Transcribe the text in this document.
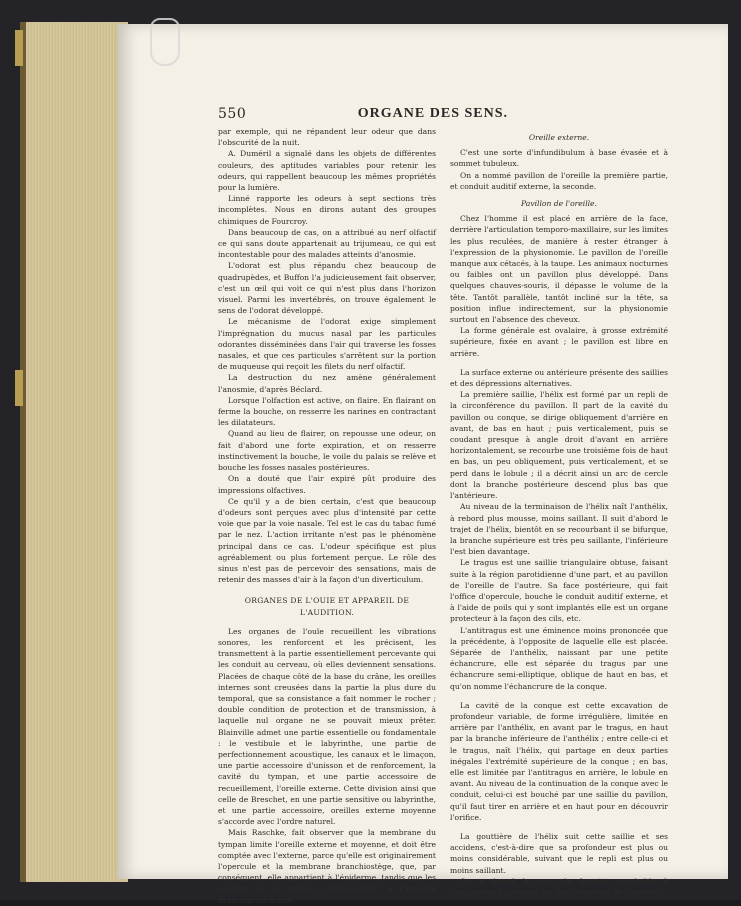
550	ORGANE DES SENS.

par exemple, qui ne répandent leur odeur que dans l'obscurité de la nuit.

A. Duméril a signalé dans les objets de différentes couleurs, des aptitudes variables pour retenir les odeurs, qui rappellent beaucoup les mêmes propriétés pour la lumière.

Linné rapporte les odeurs à sept sections très incomplètes. Nous en dirons autant des groupes chimiques de Fourcroy.

Dans beaucoup de cas, on a attribué au nerf olfactif ce qui sans doute appartenait au trijumeau, ce qui est incontestable pour des malades atteints d'anosmie.

L'odorat est plus répandu chez beaucoup de quadrupèdes, et Buffon l'a judicieusement fait observer, c'est un œil qui voit ce qui n'est plus dans l'horizon visuel. Parmi les invertébrés, on trouve également le sens de l'odorat développé.

Le mécanisme de l'odorat exige simplement l'imprégnation du mucus nasal par les particules odorantes disséminées dans l'air qui traverse les fosses nasales, et que ces particules s'arrêtent sur la portion de muqueuse qui reçoit les filets du nerf olfactif.

La destruction du nez amène généralement l'anosmie, d'après Béclard.

Lorsque l'olfaction est active, on flaire. En flairant on ferme la bouche, on resserre les narines en contractant les dilatateurs.

Quand au lieu de flairer, on repousse une odeur, on fait d'abord une forte expiration, et on resserre instinctivement la bouche, le voile du palais se relève et bouche les fosses nasales postérieures.

On a douté que l'air expiré pût produire des impressions olfactives.

Ce qu'il y a de bien certain, c'est que beaucoup d'odeurs sont perçues avec plus d'intensité par cette voie que par la voie nasale. Tel est le cas du tabac fumé par le nez. L'action irritante n'est pas le phénomène principal dans ce cas. L'odeur spécifique est plus agréablement ou plus fortement perçue. Le rôle des sinus n'est pas de percevoir des sensations, mais de retenir des masses d'air à la façon d'un diverticulum.

ORGANES DE L'OUIE ET APPAREIL DE L'AUDITION.

Les organes de l'ouïe recueillent les vibrations sonores, les renforcent et les précisent, les transmettent à la partie essentiellement percevante qui les conduit au cerveau, où elles deviennent sensations. Placées de chaque côté de la base du crâne, les oreilles internes sont creusées dans la partie la plus dure du temporal, que sa consistance a fait nommer le rocher ; double condition de protection et de transmission, à laquelle nul organe ne se pouvait mieux prêter. Blainville admet une partie essentielle ou fondamentale : le vestibule et le labyrinthe, une partie de perfectionnement acoustique, les canaux et le limaçon, une partie accessoire d'unisson et de renforcement, la cavité du tympan, et une partie accessoire de recueillement, l'oreille externe. Cette division ainsi que celle de Breschet, en une partie sensitive ou labyrinthe, et une partie accessoire, oreilles externe moyenne s'accorde avec l'ordre naturel.

Mais Raschke, fait observer que la membrane du tympan limite l'oreille externe et moyenne, et doit être comptée avec l'externe, parce qu'elle est originairement l'opercule et la membrane branchiostège, que, par conséquent, elle appartient à l'épiderme, tandis que les osselets et le tympan correspondent à l'appareil branchial lui-même.

Oreille externe.

C'est une sorte d'infundibulum à base évasée et à sommet tubuleux.

On a nommé pavillon de l'oreille la première partie, et conduit auditif externe, la seconde.

Pavillon de l'oreille.

Chez l'homme il est placé en arrière de la face, derrière l'articulation temporo-maxillaire, sur les limites les plus reculées, de manière à rester étranger à l'expression de la physionomie. Le pavillon de l'oreille manque aux cétacés, à la taupe. Les animaux nocturnes ou faibles ont un pavillon plus développé. Dans quelques chauves-souris, il dépasse le volume de la tête. Tantôt parallèle, tantôt incliné sur la tête, sa position influe indirectement, sur la physionomie surtout en l'absence des cheveux.

La forme générale est ovalaire, à grosse extrémité supérieure, fixée en avant ; le pavillon est libre en arrière.

La surface externe ou antérieure présente des saillies et des dépressions alternatives.

La première saillie, l'hélix est formé par un repli de la circonférence du pavillon. Il part de la cavité du pavillon ou conque, se dirige obliquement d'arrière en avant, de bas en haut ; puis verticalement, puis se coudant presque à angle droit d'avant en arrière horizontalement, se recourbe une troisième fois de haut en bas, un peu obliquement, puis verticalement, et se perd dans le lobule ; il a décrit ainsi un arc de cercle dont la branche postérieure descend plus bas que l'antérieure.

Au niveau de la terminaison de l'hélix naît l'anthélix, à rebord plus mousse, moins saillant. Il suit d'abord le trajet de l'hélix, bientôt en se recourbant il se bifurque, la branche supérieure est très peu saillante, l'inférieure l'est bien davantage.

Le tragus est une saillie triangulaire obtuse, faisant suite à la région parotidienne d'une part, et au pavillon de l'oreille de l'autre. Sa face postérieure, qui fait l'office d'opercule, bouche le conduit auditif externe, et à l'aide de poils qui y sont implantés elle est un organe protecteur à la façon des cils, etc.

L'antitragus est une éminence moins prononcée que la précédente, à l'opposite de laquelle elle est placée. Séparée de l'anthélix, naissant par une petite échancrure, elle est séparée du tragus par une échancrure semi-elliptique, oblique de haut en bas, et qu'on nomme l'échancrure de la conque.

La cavité de la conque est cette excavation de profondeur variable, de forme irrégulière, limitée en arrière par l'anthélix, en avant par le tragus, en haut par la branche inférieure de l'anthélix ; entre celle-ci et le tragus, naît l'hélix, qui partage en deux parties inégales l'extrémité supérieure de la conque ; en bas, elle est limitée par l'antitragus en arrière, le lobule en avant. Au niveau de la continuation de la conque avec le conduit, celui-ci est bouché par une saillie du pavillon, qu'il faut tirer en arrière et en haut pour en découvrir l'orifice.

La gouttière de l'hélix suit cette saillie et ses accidens, c'est-à-dire que sa profondeur est plus ou moins considérable, suivant que le repli est plus ou moins saillant.

On a donné le nom de fossette scaphoïde à l'excavation qui sépare les deux branches de l'anthélix.
